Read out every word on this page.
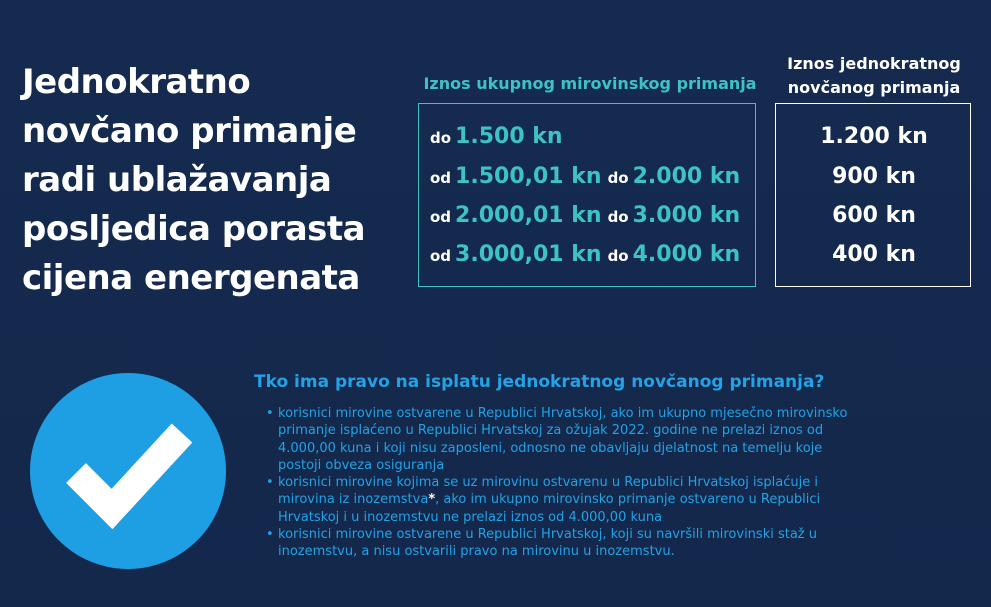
Jednokratno
novčano primanje
radi ublažavanja
posljedica porasta
cijena energenata
Iznos ukupnog mirovinskog primanja
Iznos jednokratnog
novčanog primanja
do 1.500 kn
od 1.500,01 kn do 2.000 kn
od 2.000,01 kn do 3.000 kn
od 3.000,01 kn do 4.000 kn
1.200 kn
900 kn
600 kn
400 kn
Tko ima pravo na isplatu jednokratnog novčanog primanja?
• korisnici mirovine ostvarene u Republici Hrvatskoj, ako im ukupno mjesečno mirovinsko
primanje isplaćeno u Republici Hrvatskoj za ožujak 2022. godine ne prelazi iznos od
4.000,00 kuna i koji nisu zaposleni, odnosno ne obavljaju djelatnost na temelju koje
postoji obveza osiguranja
• korisnici mirovine kojima se uz mirovinu ostvarenu u Republici Hrvatskoj isplaćuje i
mirovina iz inozemstva*, ako im ukupno mirovinsko primanje ostvareno u Republici
Hrvatskoj i u inozemstvu ne prelazi iznos od 4.000,00 kuna
• korisnici mirovine ostvarene u Republici Hrvatskoj, koji su navršili mirovinski staž u
inozemstvu, a nisu ostvarili pravo na mirovinu u inozemstvu.
